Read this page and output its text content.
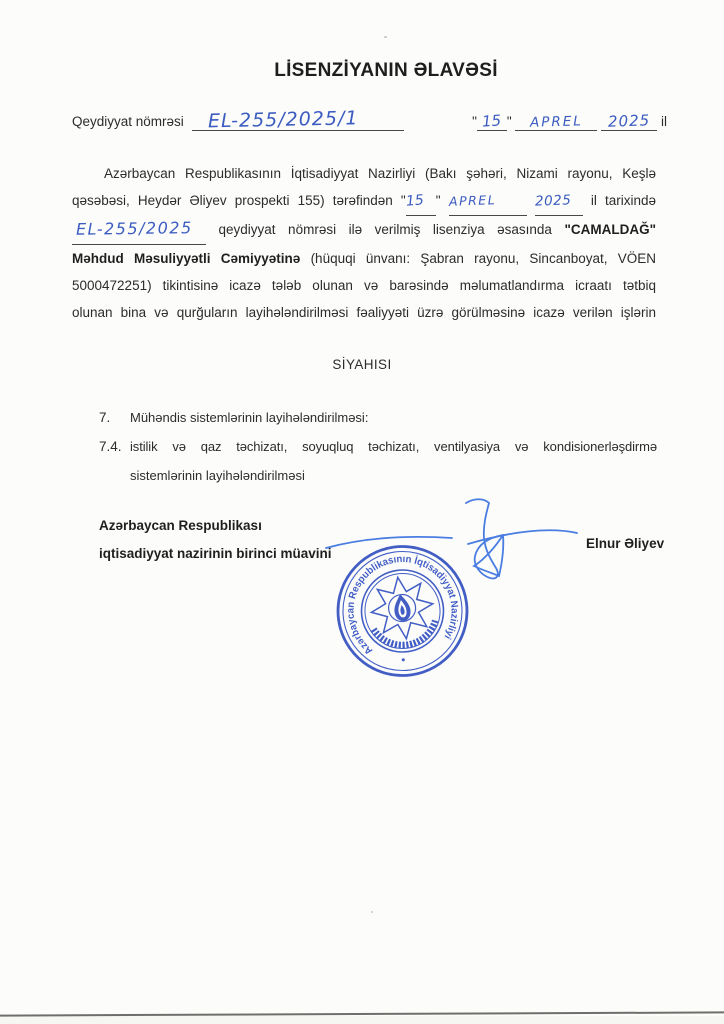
LİSENZİYANIN ƏLAVƏSİ
Qeydiyyat nömrəsi	EL-255/2025/1	" 15 " APREL 2025 il
Azərbaycan Respublikasının İqtisadiyyat Nazirliyi (Bakı şəhəri, Nizami rayonu, Keşlə
qəsəbəsi, Heydər Əliyev prospekti 155) tərəfindən "15 " APREL	2025 il tarixində
EL-255/2025 qeydiyyat nömrəsi ilə verilmiş lisenziya əsasında "CAMALDAĞ"
Məhdud Məsuliyyətli Cəmiyyətinə (hüquqi ünvanı: Şabran rayonu, Sincanboyat, VÖEN
5000472251) tikintisinə icazə tələb olunan və barəsində məlumatlandırma icraatı tətbiq
olunan bina və qurğuların layihələndirilməsi fəaliyyəti üzrə görülməsinə icazə verilən işlərin
SİYAHISI
7. Mühəndis sistemlərinin layihələndirilməsi:
7.4. istilik və qaz təchizatı, soyuqluq təchizatı, ventilyasiya və kondisionerləşdirmə
sistemlərinin layihələndirilməsi
Azərbaycan Respublikası
iqtisadiyyat nazirinin birinci müavini
Elnur Əliyev
Azərbaycan Respublikasının İqtisadiyyat Nazirliyi
•
